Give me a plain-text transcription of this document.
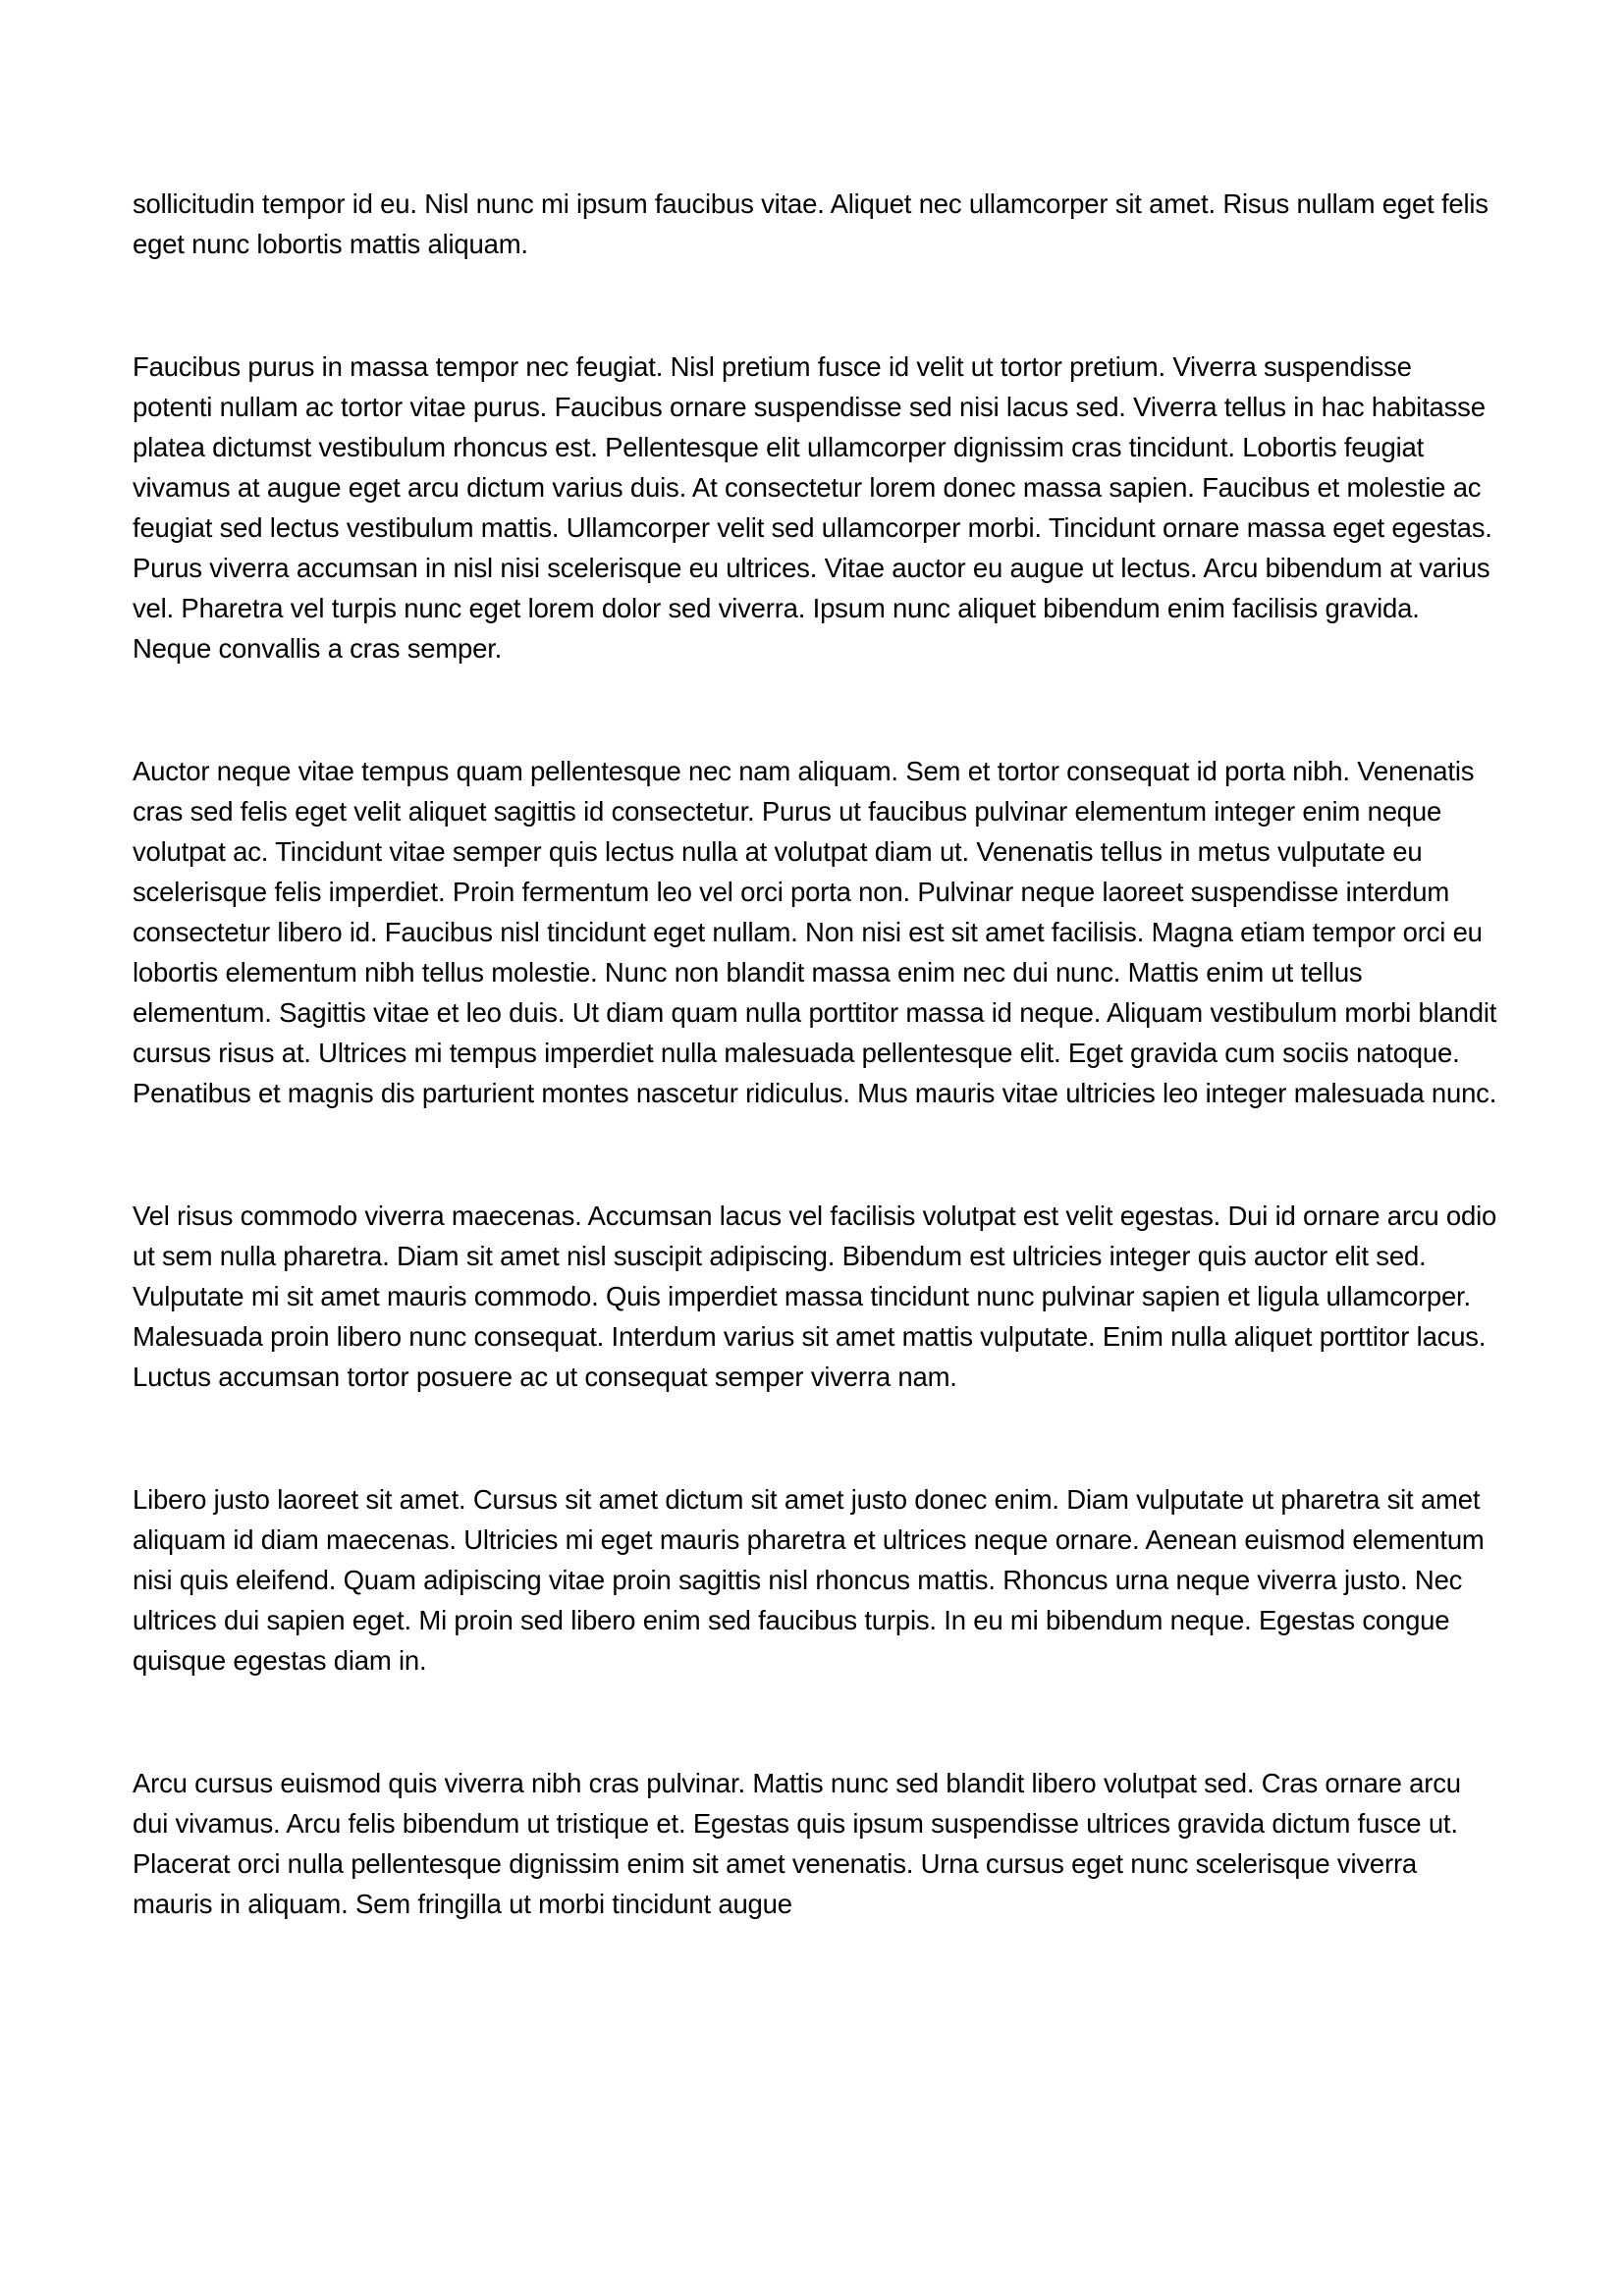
sollicitudin tempor id eu. Nisl nunc mi ipsum faucibus vitae. Aliquet nec ullamcorper sit amet. Risus nullam eget felis eget nunc lobortis mattis aliquam.

Faucibus purus in massa tempor nec feugiat. Nisl pretium fusce id velit ut tortor pretium. Viverra suspendisse potenti nullam ac tortor vitae purus. Faucibus ornare suspendisse sed nisi lacus sed. Viverra tellus in hac habitasse platea dictumst vestibulum rhoncus est. Pellentesque elit ullamcorper dignissim cras tincidunt. Lobortis feugiat vivamus at augue eget arcu dictum varius duis. At consectetur lorem donec massa sapien. Faucibus et molestie ac feugiat sed lectus vestibulum mattis. Ullamcorper velit sed ullamcorper morbi. Tincidunt ornare massa eget egestas. Purus viverra accumsan in nisl nisi scelerisque eu ultrices. Vitae auctor eu augue ut lectus. Arcu bibendum at varius vel. Pharetra vel turpis nunc eget lorem dolor sed viverra. Ipsum nunc aliquet bibendum enim facilisis gravida. Neque convallis a cras semper.

Auctor neque vitae tempus quam pellentesque nec nam aliquam. Sem et tortor consequat id porta nibh. Venenatis cras sed felis eget velit aliquet sagittis id consectetur. Purus ut faucibus pulvinar elementum integer enim neque volutpat ac. Tincidunt vitae semper quis lectus nulla at volutpat diam ut. Venenatis tellus in metus vulputate eu scelerisque felis imperdiet. Proin fermentum leo vel orci porta non. Pulvinar neque laoreet suspendisse interdum consectetur libero id. Faucibus nisl tincidunt eget nullam. Non nisi est sit amet facilisis. Magna etiam tempor orci eu lobortis elementum nibh tellus molestie. Nunc non blandit massa enim nec dui nunc. Mattis enim ut tellus elementum. Sagittis vitae et leo duis. Ut diam quam nulla porttitor massa id neque. Aliquam vestibulum morbi blandit cursus risus at. Ultrices mi tempus imperdiet nulla malesuada pellentesque elit. Eget gravida cum sociis natoque. Penatibus et magnis dis parturient montes nascetur ridiculus. Mus mauris vitae ultricies leo integer malesuada nunc.

Vel risus commodo viverra maecenas. Accumsan lacus vel facilisis volutpat est velit egestas. Dui id ornare arcu odio ut sem nulla pharetra. Diam sit amet nisl suscipit adipiscing. Bibendum est ultricies integer quis auctor elit sed. Vulputate mi sit amet mauris commodo. Quis imperdiet massa tincidunt nunc pulvinar sapien et ligula ullamcorper. Malesuada proin libero nunc consequat. Interdum varius sit amet mattis vulputate. Enim nulla aliquet porttitor lacus. Luctus accumsan tortor posuere ac ut consequat semper viverra nam.

Libero justo laoreet sit amet. Cursus sit amet dictum sit amet justo donec enim. Diam vulputate ut pharetra sit amet aliquam id diam maecenas. Ultricies mi eget mauris pharetra et ultrices neque ornare. Aenean euismod elementum nisi quis eleifend. Quam adipiscing vitae proin sagittis nisl rhoncus mattis. Rhoncus urna neque viverra justo. Nec ultrices dui sapien eget. Mi proin sed libero enim sed faucibus turpis. In eu mi bibendum neque. Egestas congue quisque egestas diam in.

Arcu cursus euismod quis viverra nibh cras pulvinar. Mattis nunc sed blandit libero volutpat sed. Cras ornare arcu dui vivamus. Arcu felis bibendum ut tristique et. Egestas quis ipsum suspendisse ultrices gravida dictum fusce ut. Placerat orci nulla pellentesque dignissim enim sit amet venenatis. Urna cursus eget nunc scelerisque viverra mauris in aliquam. Sem fringilla ut morbi tincidunt augue
